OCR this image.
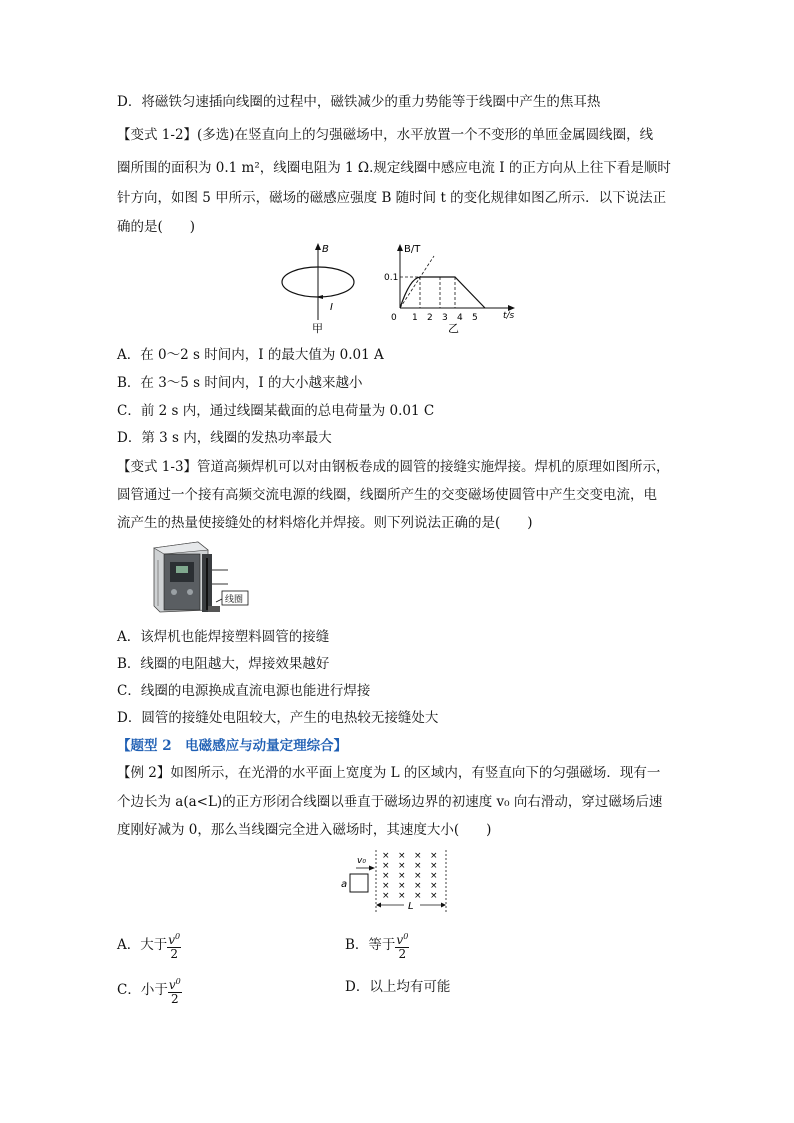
D．将磁铁匀速插向线圈的过程中，磁铁减少的重力势能等于线圈中产生的焦耳热
【变式 1-2】(多选)在竖直向上的匀强磁场中，水平放置一个不变形的单匝金属圆线圈，线
圈所围的面积为 0.1 m²，线圈电阻为 1 Ω.规定线圈中感应电流 I 的正方向从上往下看是顺时
针方向，如图 5 甲所示，磁场的磁感应强度 B 随时间 t 的变化规律如图乙所示．以下说法正
确的是(　　)
B
I
甲
B/T
t/s
0.1
0 1 2 3 4 5
乙
A．在 0～2 s 时间内，I 的最大值为 0.01 A
B．在 3～5 s 时间内，I 的大小越来越小
C．前 2 s 内，通过线圈某截面的总电荷量为 0.01 C
D．第 3 s 内，线圈的发热功率最大
【变式 1-3】管道高频焊机可以对由钢板卷成的圆管的接缝实施焊接。焊机的原理如图所示，
圆管通过一个接有高频交流电源的线圈，线圈所产生的交变磁场使圆管中产生交变电流，电
流产生的热量使接缝处的材料熔化并焊接。则下列说法正确的是(　　)
线圈
A．该焊机也能焊接塑料圆管的接缝
B．线圈的电阻越大，焊接效果越好
C．线圈的电源换成直流电源也能进行焊接
D．圆管的接缝处电阻较大，产生的电热较无接缝处大
【题型 2　电磁感应与动量定理综合】
【例 2】如图所示，在光滑的水平面上宽度为 L 的区域内，有竖直向下的匀强磁场．现有一
个边长为 a(a<L)的正方形闭合线圈以垂直于磁场边界的初速度 v₀ 向右滑动，穿过磁场后速
度刚好减为 0，那么当线圈完全进入磁场时，其速度大小(　　)
a
v₀ × × × ×
× × × ×
× × × ×
× × × ×
× × × ×
L
A．大于 $\frac{v^0}{2}$	B．等于 $\frac{v^0}{2}$
C．小于 $\frac{v^0}{2}$	D．以上均有可能
